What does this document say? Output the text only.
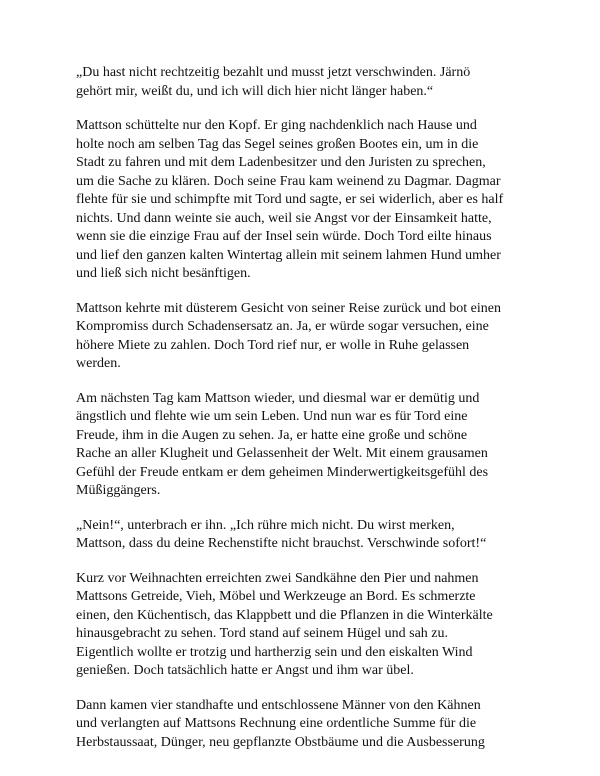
„Du hast nicht rechtzeitig bezahlt und musst jetzt verschwinden. Järnö
gehört mir, weißt du, und ich will dich hier nicht länger haben.“

Mattson schüttelte nur den Kopf. Er ging nachdenklich nach Hause und
holte noch am selben Tag das Segel seines großen Bootes ein, um in die
Stadt zu fahren und mit dem Ladenbesitzer und den Juristen zu sprechen,
um die Sache zu klären. Doch seine Frau kam weinend zu Dagmar. Dagmar
flehte für sie und schimpfte mit Tord und sagte, er sei widerlich, aber es half
nichts. Und dann weinte sie auch, weil sie Angst vor der Einsamkeit hatte,
wenn sie die einzige Frau auf der Insel sein würde. Doch Tord eilte hinaus
und lief den ganzen kalten Wintertag allein mit seinem lahmen Hund umher
und ließ sich nicht besänftigen.

Mattson kehrte mit düsterem Gesicht von seiner Reise zurück und bot einen
Kompromiss durch Schadensersatz an. Ja, er würde sogar versuchen, eine
höhere Miete zu zahlen. Doch Tord rief nur, er wolle in Ruhe gelassen
werden.

Am nächsten Tag kam Mattson wieder, und diesmal war er demütig und
ängstlich und flehte wie um sein Leben. Und nun war es für Tord eine
Freude, ihm in die Augen zu sehen. Ja, er hatte eine große und schöne
Rache an aller Klugheit und Gelassenheit der Welt. Mit einem grausamen
Gefühl der Freude entkam er dem geheimen Minderwertigkeitsgefühl des
Müßiggängers.

„Nein!“, unterbrach er ihn. „Ich rühre mich nicht. Du wirst merken,
Mattson, dass du deine Rechenstifte nicht brauchst. Verschwinde sofort!“

Kurz vor Weihnachten erreichten zwei Sandkähne den Pier und nahmen
Mattsons Getreide, Vieh, Möbel und Werkzeuge an Bord. Es schmerzte
einen, den Küchentisch, das Klappbett und die Pflanzen in die Winterkälte
hinausgebracht zu sehen. Tord stand auf seinem Hügel und sah zu.
Eigentlich wollte er trotzig und hartherzig sein und den eiskalten Wind
genießen. Doch tatsächlich hatte er Angst und ihm war übel.

Dann kamen vier standhafte und entschlossene Männer von den Kähnen
und verlangten auf Mattsons Rechnung eine ordentliche Summe für die
Herbstaussaat, Dünger, neu gepflanzte Obstbäume und die Ausbesserung
